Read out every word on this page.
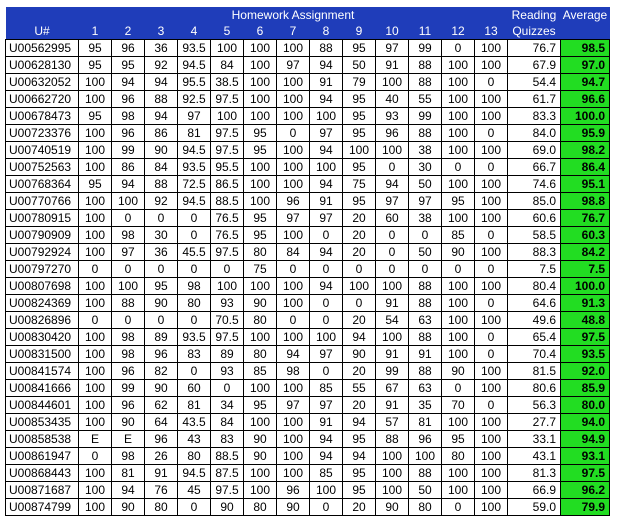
	Homework Assignment													Reading	Average
U#	1	2	3	4	5	6	7	8	9	10	11	12	13	Quizzes	
U00562995	95	96	36	93.5	100	100	100	88	95	97	99	0	100	76.7	98.5
U00628130	95	95	92	94.5	84	100	97	94	50	91	88	100	100	67.9	97.0
U00632052	100	94	94	95.5	38.5	100	100	91	79	100	88	100	0	54.4	94.7
U00662720	100	96	88	92.5	97.5	100	100	94	95	40	55	100	100	61.7	96.6
U00678473	95	98	94	97	100	100	100	100	95	93	99	100	100	83.3	100.0
U00723376	100	96	86	81	97.5	95	0	97	95	96	88	100	0	84.0	95.9
U00740519	100	99	90	94.5	97.5	95	100	94	100	100	38	100	100	69.0	98.2
U00752563	100	86	84	93.5	95.5	100	100	100	95	0	30	0	0	66.7	86.4
U00768364	95	94	88	72.5	86.5	100	100	94	75	94	50	100	100	74.6	95.1
U00770766	100	100	92	94.5	88.5	100	96	91	95	97	97	95	100	85.0	98.8
U00780915	100	0	0	0	76.5	95	97	97	20	60	38	100	100	60.6	76.7
U00790909	100	98	30	0	76.5	95	100	0	20	0	0	85	0	58.5	60.3
U00792924	100	97	36	45.5	97.5	80	84	94	20	0	50	90	100	88.3	84.2
U00797270	0	0	0	0	0	75	0	0	0	0	0	0	0	7.5	7.5
U00807698	100	100	95	98	100	100	100	94	100	100	88	100	100	80.4	100.0
U00824369	100	88	90	80	93	90	100	0	0	91	88	100	0	64.6	91.3
U00826896	0	0	0	0	70.5	80	0	0	20	54	63	100	100	49.6	48.8
U00830420	100	98	89	93.5	97.5	100	100	100	94	100	88	100	0	65.4	97.5
U00831500	100	98	96	83	89	80	94	97	90	91	91	100	0	70.4	93.5
U00841574	100	96	82	0	93	85	98	0	20	99	88	90	100	81.5	92.0
U00841666	100	99	90	60	0	100	100	85	55	67	63	0	100	80.6	85.9
U00844601	100	96	62	81	34	95	97	97	20	91	35	70	0	56.3	80.0
U00853435	100	90	64	43.5	84	100	100	91	94	57	81	100	100	27.7	94.0
U00858538	E	E	96	43	83	90	100	94	95	88	96	95	100	33.1	94.9
U00861947	0	98	26	80	88.5	90	100	94	94	100	100	80	100	43.1	93.1
U00868443	100	81	91	94.5	87.5	100	100	85	95	100	88	100	100	81.3	97.5
U00871687	100	94	76	45	97.5	100	96	100	95	100	50	100	100	66.9	96.2
U00874799	100	90	80	0	90	80	90	0	20	90	80	0	100	59.0	79.9
